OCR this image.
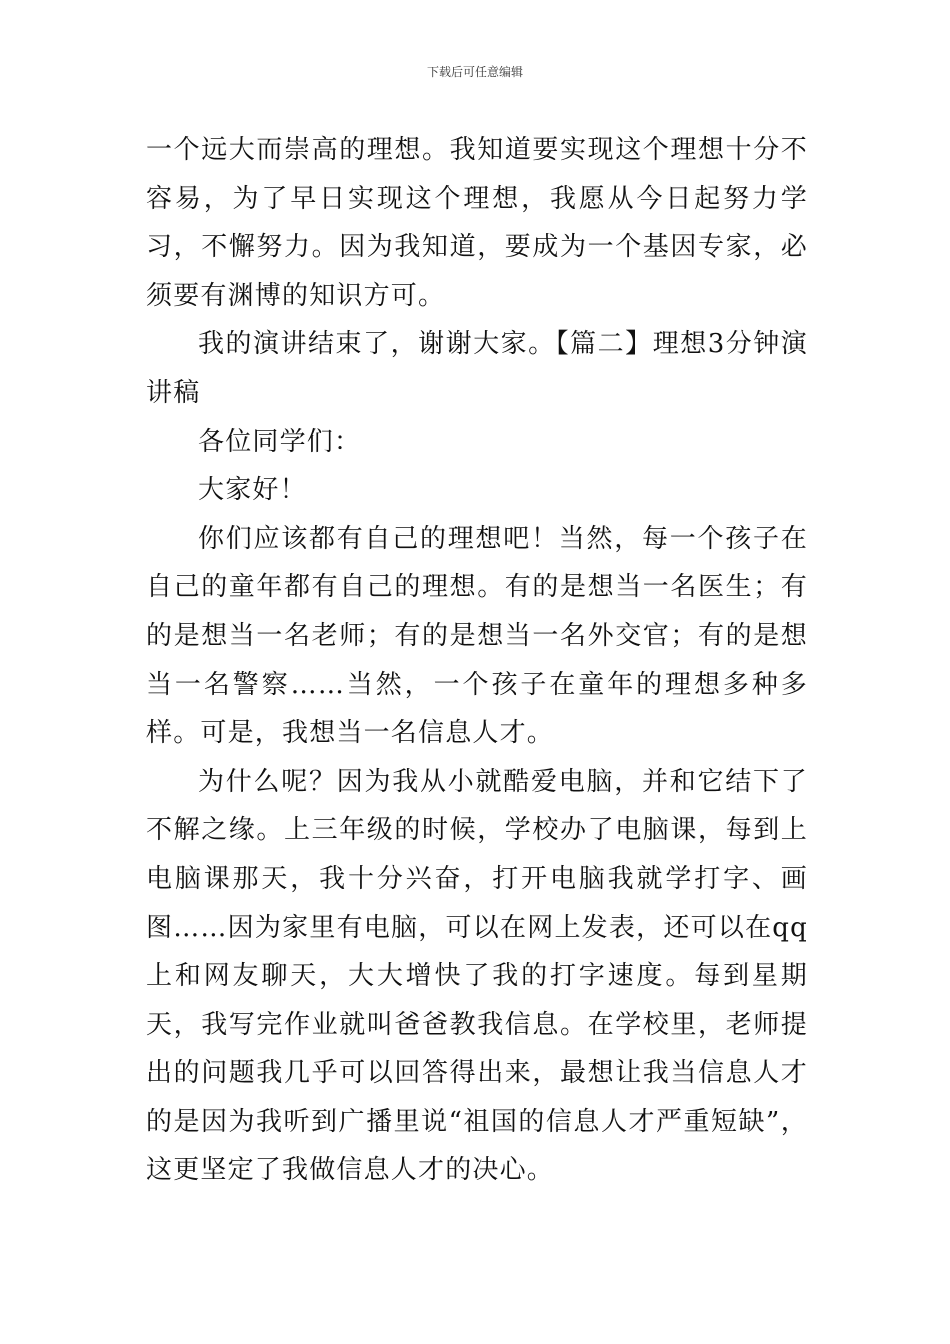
下载后可任意编辑

一个远大而崇高的理想。我知道要实现这个理想十分不容易，为了早日实现这个理想，我愿从今日起努力学习，不懈努力。因为我知道，要成为一个基因专家，必须要有渊博的知识方可。

我的演讲结束了，谢谢大家。【篇二】理想3分钟演讲稿

各位同学们：

大家好！

你们应该都有自己的理想吧！当然，每一个孩子在自己的童年都有自己的理想。有的是想当一名医生；有的是想当一名老师；有的是想当一名外交官；有的是想当一名警察……当然，一个孩子在童年的理想多种多样。可是，我想当一名信息人才。

为什么呢？因为我从小就酷爱电脑，并和它结下了不解之缘。上三年级的时候，学校办了电脑课，每到上电脑课那天，我十分兴奋，打开电脑我就学打字、画图……因为家里有电脑，可以在网上发表，还可以在qq上和网友聊天，大大增快了我的打字速度。每到星期天，我写完作业就叫爸爸教我信息。在学校里，老师提出的问题我几乎可以回答得出来，最想让我当信息人才的是因为我听到广播里说“祖国的信息人才严重短缺”，这更坚定了我做信息人才的决心。
